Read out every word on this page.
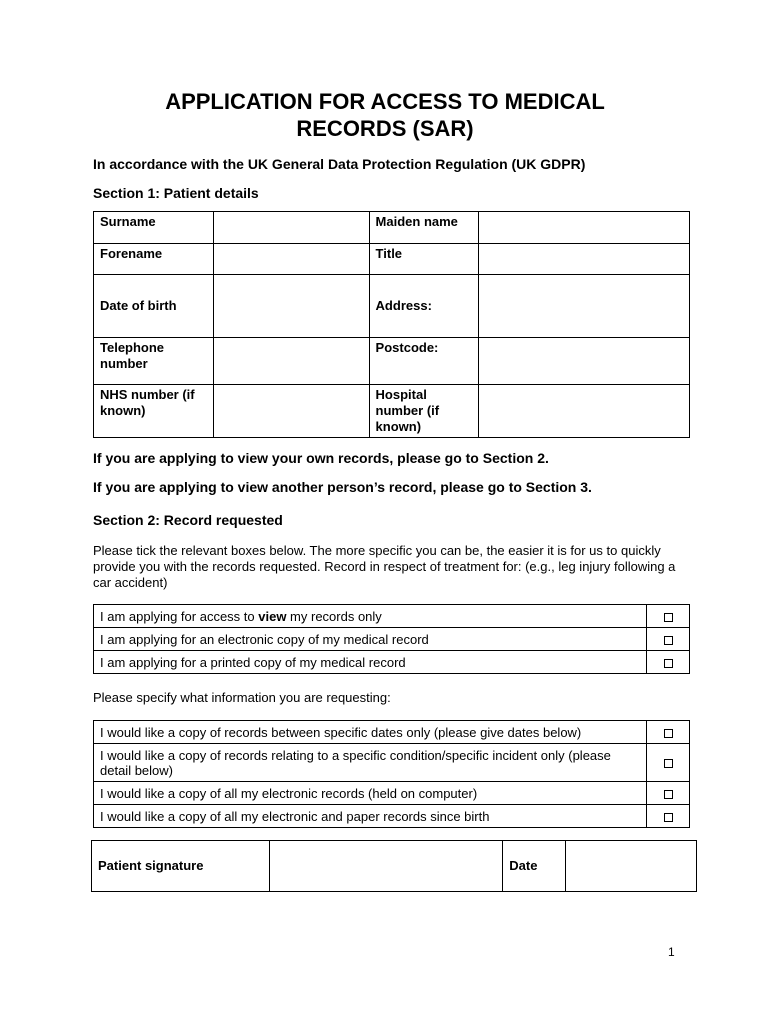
APPLICATION FOR ACCESS TO MEDICAL
RECORDS (SAR)
In accordance with the UK General Data Protection Regulation (UK GDPR)
Section 1: Patient details
Surname		Maiden name	
Forename		Title	
Date of birth		Address:	
Telephone number		Postcode:	
NHS number (if known)		Hospital number (if known)	
If you are applying to view your own records, please go to Section 2.
If you are applying to view another person’s record, please go to Section 3.
Section 2: Record requested
Please tick the relevant boxes below. The more specific you can be, the easier it is for us to quickly provide you with the records requested. Record in respect of treatment for: (e.g., leg injury following a car accident)
I am applying for access to view my records only	
I am applying for an electronic copy of my medical record	
I am applying for a printed copy of my medical record	
Please specify what information you are requesting:
I would like a copy of records between specific dates only (please give dates below)	
I would like a copy of records relating to a specific condition/specific incident only (please detail below)	
I would like a copy of all my electronic records (held on computer)	
I would like a copy of all my electronic and paper records since birth	
Patient signature		Date	
1
